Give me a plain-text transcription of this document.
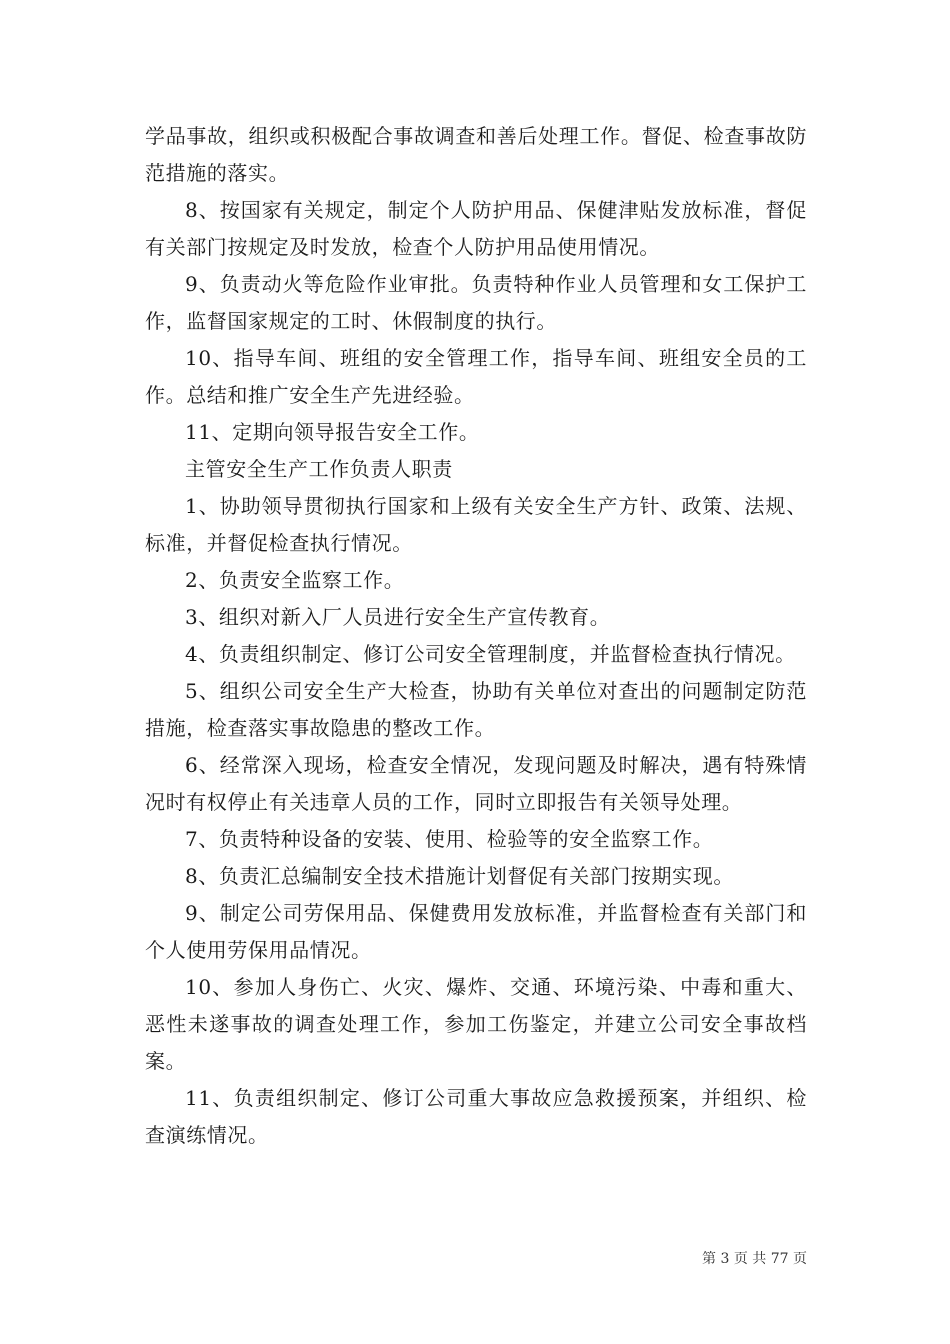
学品事故，组织或积极配合事故调查和善后处理工作。督促、检查事故防范措施的落实。

8、按国家有关规定，制定个人防护用品、保健津贴发放标准，督促有关部门按规定及时发放，检查个人防护用品使用情况。

9、负责动火等危险作业审批。负责特种作业人员管理和女工保护工作，监督国家规定的工时、休假制度的执行。

10、指导车间、班组的安全管理工作，指导车间、班组安全员的工作。总结和推广安全生产先进经验。

11、定期向领导报告安全工作。

主管安全生产工作负责人职责

1、协助领导贯彻执行国家和上级有关安全生产方针、政策、法规、标准，并督促检查执行情况。

2、负责安全监察工作。

3、组织对新入厂人员进行安全生产宣传教育。

4、负责组织制定、修订公司安全管理制度，并监督检查执行情况。

5、组织公司安全生产大检查，协助有关单位对查出的问题制定防范措施，检查落实事故隐患的整改工作。

6、经常深入现场，检查安全情况，发现问题及时解决，遇有特殊情况时有权停止有关违章人员的工作，同时立即报告有关领导处理。

7、负责特种设备的安装、使用、检验等的安全监察工作。

8、负责汇总编制安全技术措施计划督促有关部门按期实现。

9、制定公司劳保用品、保健费用发放标准，并监督检查有关部门和个人使用劳保用品情况。

10、参加人身伤亡、火灾、爆炸、交通、环境污染、中毒和重大、恶性未遂事故的调查处理工作，参加工伤鉴定，并建立公司安全事故档案。

11、负责组织制定、修订公司重大事故应急救援预案，并组织、检查演练情况。

第 3 页 共 77 页
